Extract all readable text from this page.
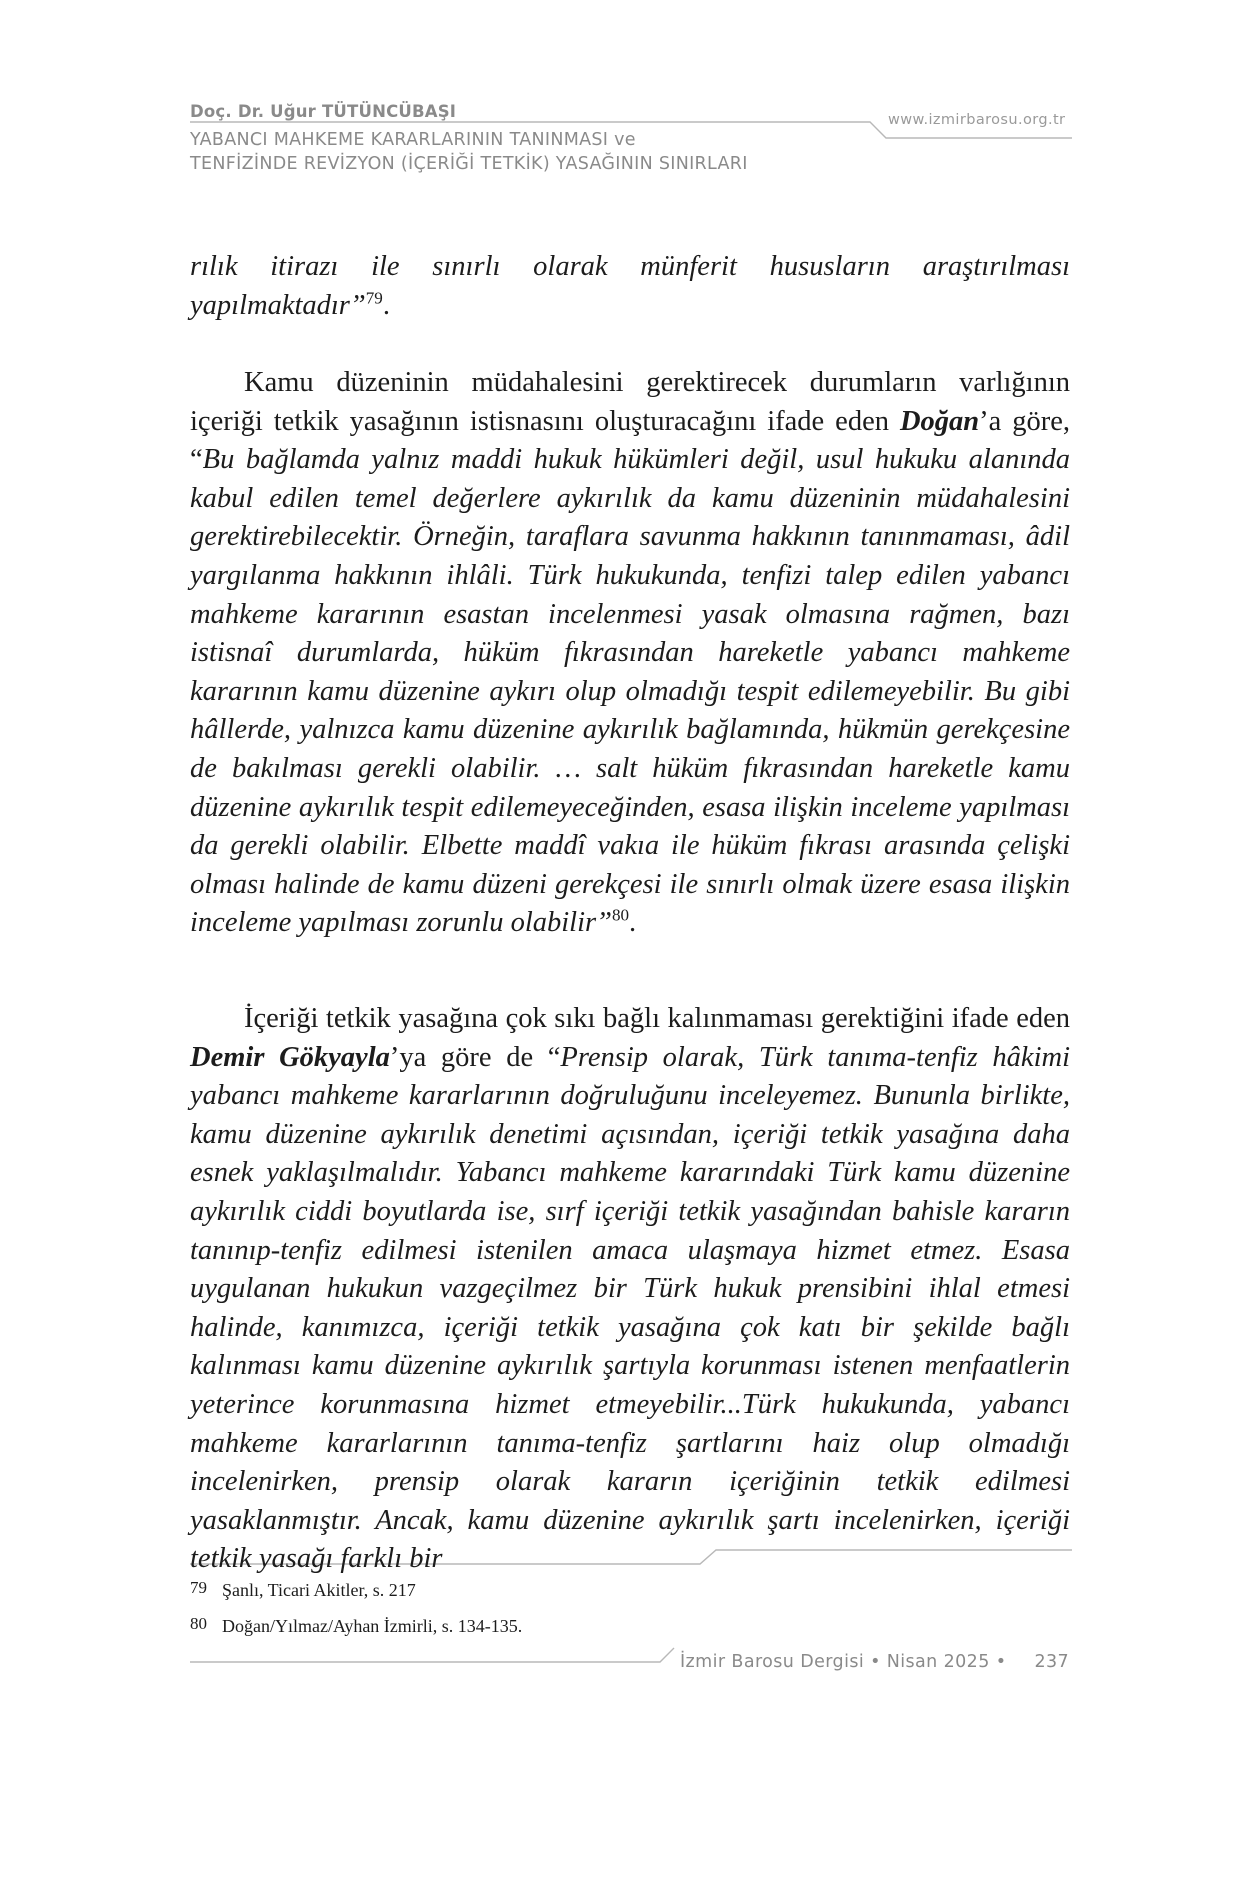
Doç. Dr. Uğur TÜTÜNCÜBAŞI
YABANCI MAHKEME KARARLARININ TANINMASI ve
TENFİZİNDE REVİZYON (İÇERİĞİ TETKİK) YASAĞININ SINIRLARI
www.izmirbarosu.org.tr

rılık itirazı ile sınırlı olarak münferit hususların araştırılması yapılmaktadır”$^{79}$.

Kamu düzeninin müdahalesini gerektirecek durumların varlığının içeriği tetkik yasağının istisnasını oluşturacağını ifade eden Doğan’a göre, “Bu bağlamda yalnız maddi hukuk hükümleri değil, usul hukuku alanında kabul edilen temel değerlere aykırılık da kamu düzeninin müdahalesini gerektirebilecektir. Örneğin, taraflara savunma hakkının tanınmaması, âdil yargılanma hakkının ihlâli. Türk hukukunda, tenfizi talep edilen yabancı mahkeme kararının esastan incelenmesi yasak olmasına rağmen, bazı istisnaî durumlarda, hüküm fıkrasından hareketle yabancı mahkeme kararının kamu düzenine aykırı olup olmadığı tespit edilemeyebilir. Bu gibi hâllerde, yalnızca kamu düzenine aykırılık bağlamında, hükmün gerekçesine de bakılması gerekli olabilir. … salt hüküm fıkrasından hareketle kamu düzenine aykırılık tespit edilemeyeceğinden, esasa ilişkin inceleme yapılması da gerekli olabilir. Elbette maddî vakıa ile hüküm fıkrası arasında çelişki olması halinde de kamu düzeni gerekçesi ile sınırlı olmak üzere esasa ilişkin inceleme yapılması zorunlu olabilir”$^{80}$.

İçeriği tetkik yasağına çok sıkı bağlı kalınmaması gerektiğini ifade eden Demir Gökyayla’ya göre de “Prensip olarak, Türk tanıma-tenfiz hâkimi yabancı mahkeme kararlarının doğruluğunu inceleyemez. Bununla birlikte, kamu düzenine aykırılık denetimi açısından, içeriği tetkik yasağına daha esnek yaklaşılmalıdır. Yabancı mahkeme kararındaki Türk kamu düzenine aykırılık ciddi boyutlarda ise, sırf içeriği tetkik yasağından bahisle kararın tanınıp-tenfiz edilmesi istenilen amaca ulaşmaya hizmet etmez. Esasa uygulanan hukukun vazgeçilmez bir Türk hukuk prensibini ihlal etmesi halinde, kanımızca, içeriği tetkik yasağına çok katı bir şekilde bağlı kalınması kamu düzenine aykırılık şartıyla korunması istenen menfaatlerin yeterince korunmasına hizmet etmeyebilir...Türk hukukunda, yabancı mahkeme kararlarının tanıma-tenfiz şartlarını haiz olup olmadığı incelenirken, prensip olarak kararın içeriğinin tetkik edilmesi yasaklanmıştır. Ancak, kamu düzenine aykırılık şartı incelenirken, içeriği tetkik yasağı farklı bir

79 Şanlı, Ticari Akitler, s. 217
80 Doğan/Yılmaz/Ayhan İzmirli, s. 134-135.
İzmir Barosu Dergisi • Nisan 2025 • 237
